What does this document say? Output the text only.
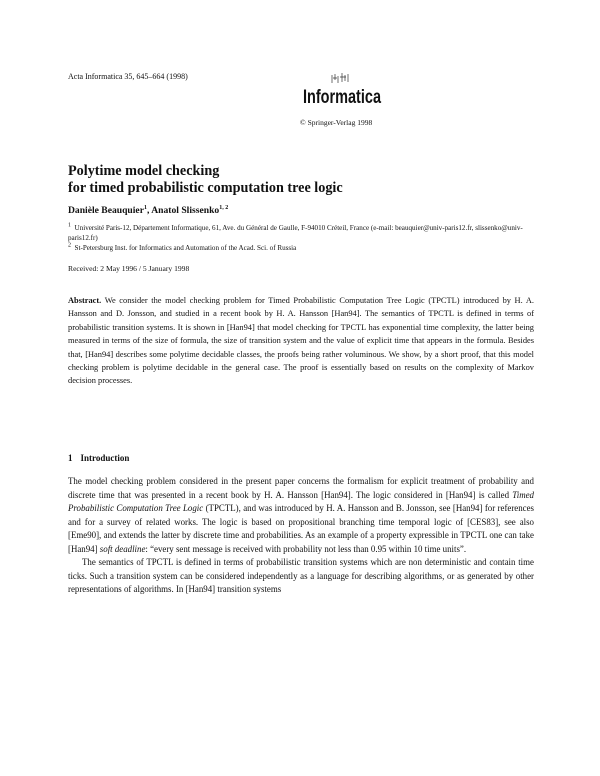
Acta Informatica 35, 645–664 (1998)
Informatica
© Springer-Verlag 1998
Polytime model checking
for timed probabilistic computation tree logic
Danièle Beauquier$^1$, Anatol Slissenko$^{1, 2}$
$^1$ Université Paris-12, Département Informatique, 61, Ave. du Général de Gaulle, F-94010 Créteil, France (e-mail: beauquier@univ-paris12.fr, slissenko@univ-paris12.fr)
$^2$ St-Petersburg Inst. for Informatics and Automation of the Acad. Sci. of Russia
Received: 2 May 1996 / 5 January 1998
Abstract. We consider the model checking problem for Timed Probabilistic Computation Tree Logic (TPCTL) introduced by H. A. Hansson and D. Jonsson, and studied in a recent book by H. A. Hansson [Han94]. The semantics of TPCTL is defined in terms of probabilistic transition systems. It is shown in [Han94] that model checking for TPCTL has exponential time complexity, the latter being measured in terms of the size of formula, the size of transition system and the value of explicit time that appears in the formula. Besides that, [Han94] describes some polytime decidable classes, the proofs being rather voluminous. We show, by a short proof, that this model checking problem is polytime decidable in the general case. The proof is essentially based on results on the complexity of Markov decision processes.
1 Introduction

The model checking problem considered in the present paper concerns the formalism for explicit treatment of probability and discrete time that was presented in a recent book by H. A. Hansson [Han94]. The logic considered in [Han94] is called Timed Probabilistic Computation Tree Logic (TPCTL), and was introduced by H. A. Hansson and B. Jonsson, see [Han94] for references and for a survey of related works. The logic is based on propositional branching time temporal logic of [CES83], see also [Eme90], and extends the latter by discrete time and probabilities. As an example of a property expressible in TPCTL one can take [Han94] soft deadline: “every sent message is received with probability not less than 0.95 within 10 time units”.

The semantics of TPCTL is defined in terms of probabilistic transition systems which are non deterministic and contain time ticks. Such a transition system can be considered independently as a language for describing algorithms, or as generated by other representations of algorithms. In [Han94] transition systems
